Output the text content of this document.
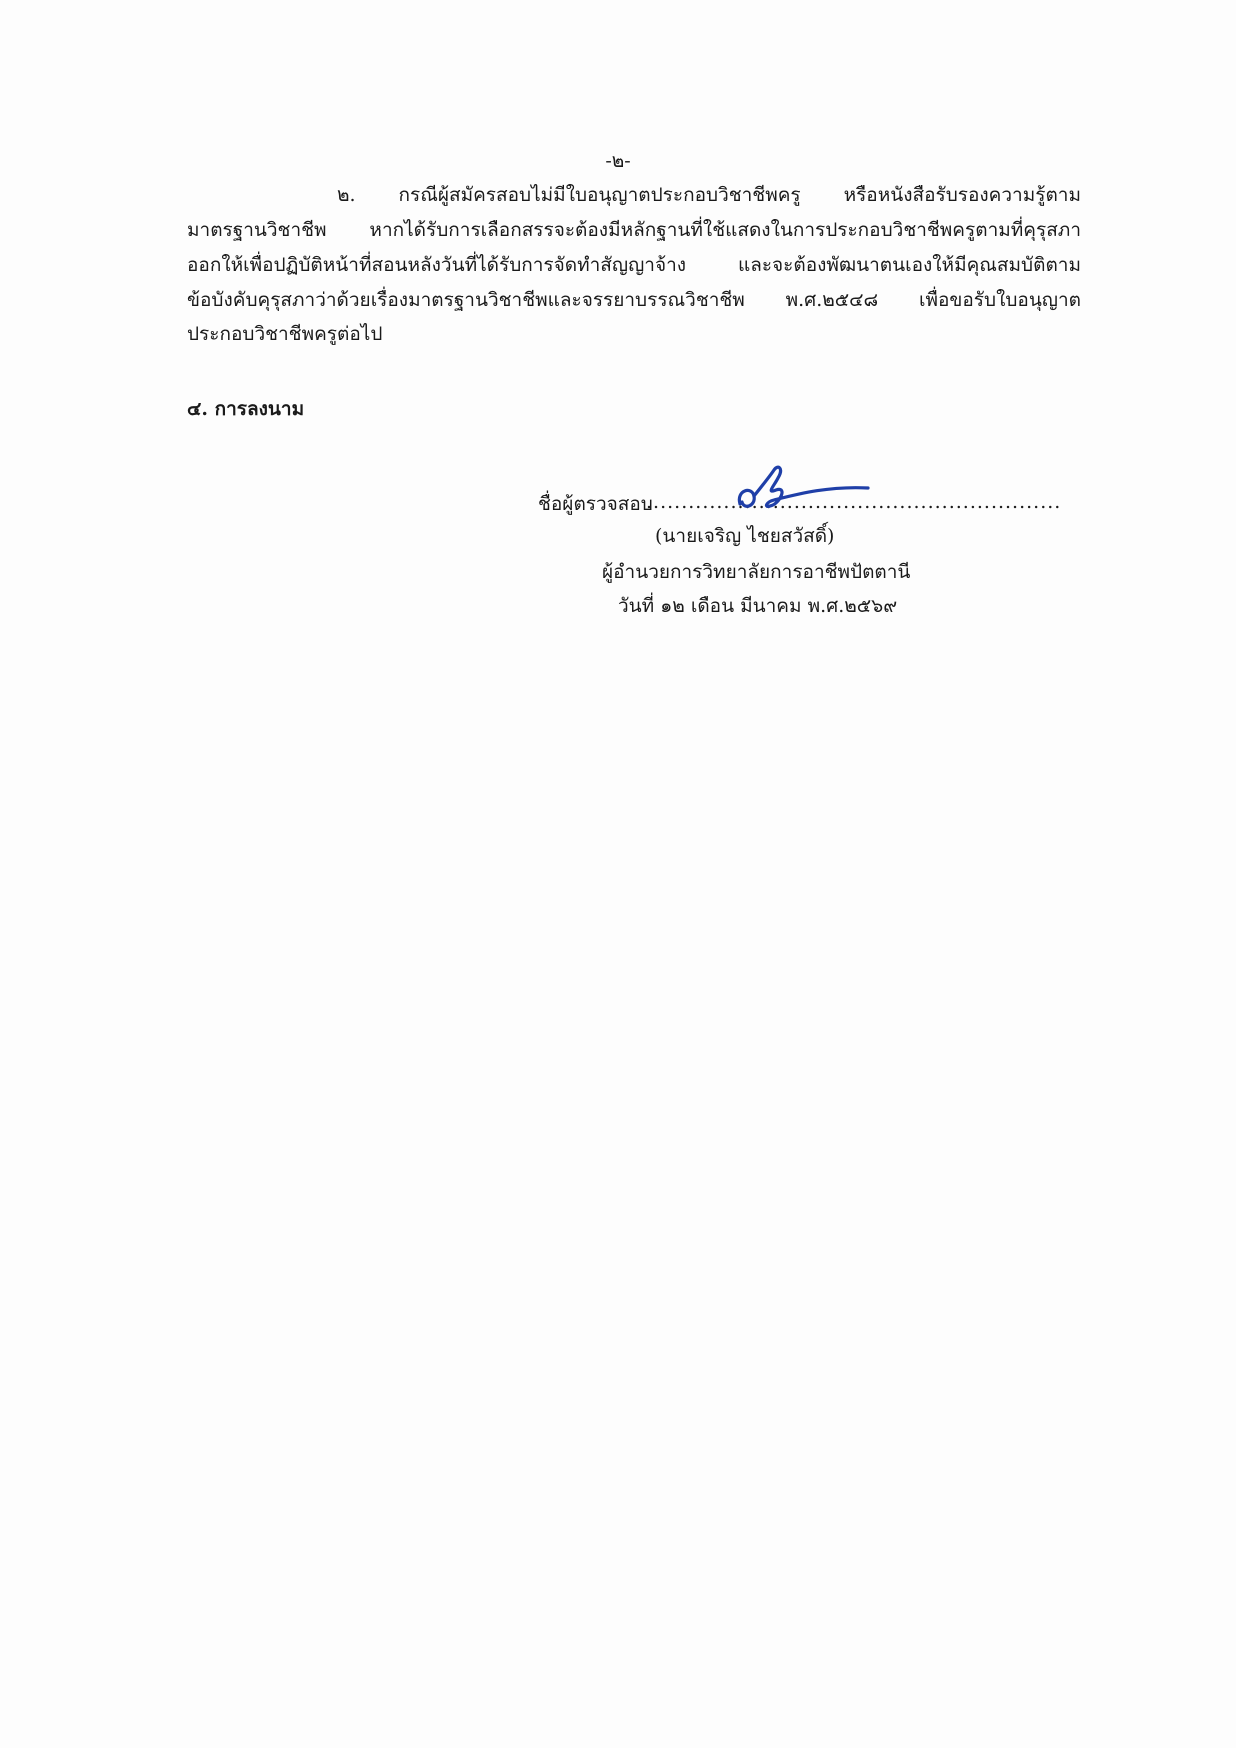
-๒-
๒. กรณีผู้สมัครสอบไม่มีใบอนุญาตประกอบวิชาชีพครู หรือหนังสือรับรองความรู้ตาม
มาตรฐานวิชาชีพ หากได้รับการเลือกสรรจะต้องมีหลักฐานที่ใช้แสดงในการประกอบวิชาชีพครูตามที่คุรุสภา
ออกให้เพื่อปฏิบัติหน้าที่สอนหลังวันที่ได้รับการจัดทำสัญญาจ้าง และจะต้องพัฒนาตนเองให้มีคุณสมบัติตาม
ข้อบังคับคุรุสภาว่าด้วยเรื่องมาตรฐานวิชาชีพและจรรยาบรรณวิชาชีพ พ.ศ.๒๕๔๘ เพื่อขอรับใบอนุญาต
ประกอบวิชาชีพครูต่อไป
๔. การลงนาม
ชื่อผู้ตรวจสอบ
...........................................................
(นายเจริญ ไชยสวัสดิ์)
ผู้อำนวยการวิทยาลัยการอาชีพปัตตานี
วันที่ ๑๒ เดือน มีนาคม พ.ศ.๒๕๖๙
